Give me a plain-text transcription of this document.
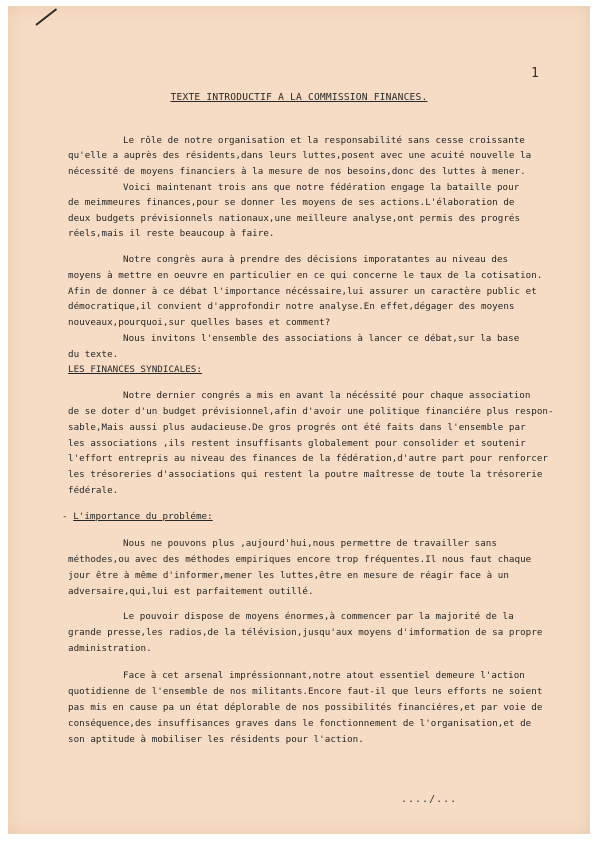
1
TEXTE INTRODUCTIF A LA COMMISSION FINANCES.

Le rôle de notre organisation et la responsabilité sans cesse croissante

qu'elle a auprès des résidents,dans leurs luttes,posent avec une acuité nouvelle la

nécessité de moyens financiers à la mesure de nos besoins,donc des luttes à mener.

Voici maintenant trois ans que notre fédération engage la bataille pour

de meimmeures finances,pour se donner les moyens de ses actions.L'élaboration de

deux budgets prévisionnels nationaux,une meilleure analyse,ont permis des progrés

réels,mais il reste beaucoup à faire.

Notre congrès aura à prendre des décisions imporatantes au niveau des

moyens à mettre en oeuvre en particulier en ce qui concerne le taux de la cotisation.

Afin de donner à ce débat l'importance nécéssaire,lui assurer un caractère public et

démocratique,il convient d'approfondir notre analyse.En effet,dégager des moyens

nouveaux,pourquoi,sur quelles bases et comment?

Nous invitons l'ensemble des associations à lancer ce débat,sur la base

du texte.

LES FINANCES SYNDICALES:

Notre dernier congrés a mis en avant la nécéssité pour chaque association

de se doter d'un budget prévisionnel,afin d'avoir une politique financiére plus respon-

sable,Mais aussi plus audacieuse.De gros progrés ont été faits dans l'ensemble par

les associations ,ils restent insuffisants globalement pour consolider et soutenir

l'effort entrepris au niveau des finances de la fédération,d'autre part pour renforcer

les trésoreries d'associations qui restent la poutre maîtresse de toute la trésorerie

fédérale.

- L'importance du probléme:

Nous ne pouvons plus ,aujourd'hui,nous permettre de travailler sans

méthodes,ou avec des méthodes empiriques encore trop fréquentes.Il nous faut chaque

jour être à même d'informer,mener les luttes,être en mesure de réagir face à un

adversaire,qui,lui est parfaitement outillé.

Le pouvoir dispose de moyens énormes,à commencer par la majorité de la

grande presse,les radios,de la télévision,jusqu'aux moyens d'imformation de sa propre

administration.

Face à cet arsenal impréssionnant,notre atout essentiel demeure l'action

quotidienne de l'ensemble de nos militants.Encore faut-il que leurs efforts ne soient

pas mis en cause pa un état déplorable de nos possibilités financiéres,et par voie de

conséquence,des insuffisances graves dans le fonctionnement de l'organisation,et de

son aptitude à mobiliser les résidents pour l'action.

..../...
